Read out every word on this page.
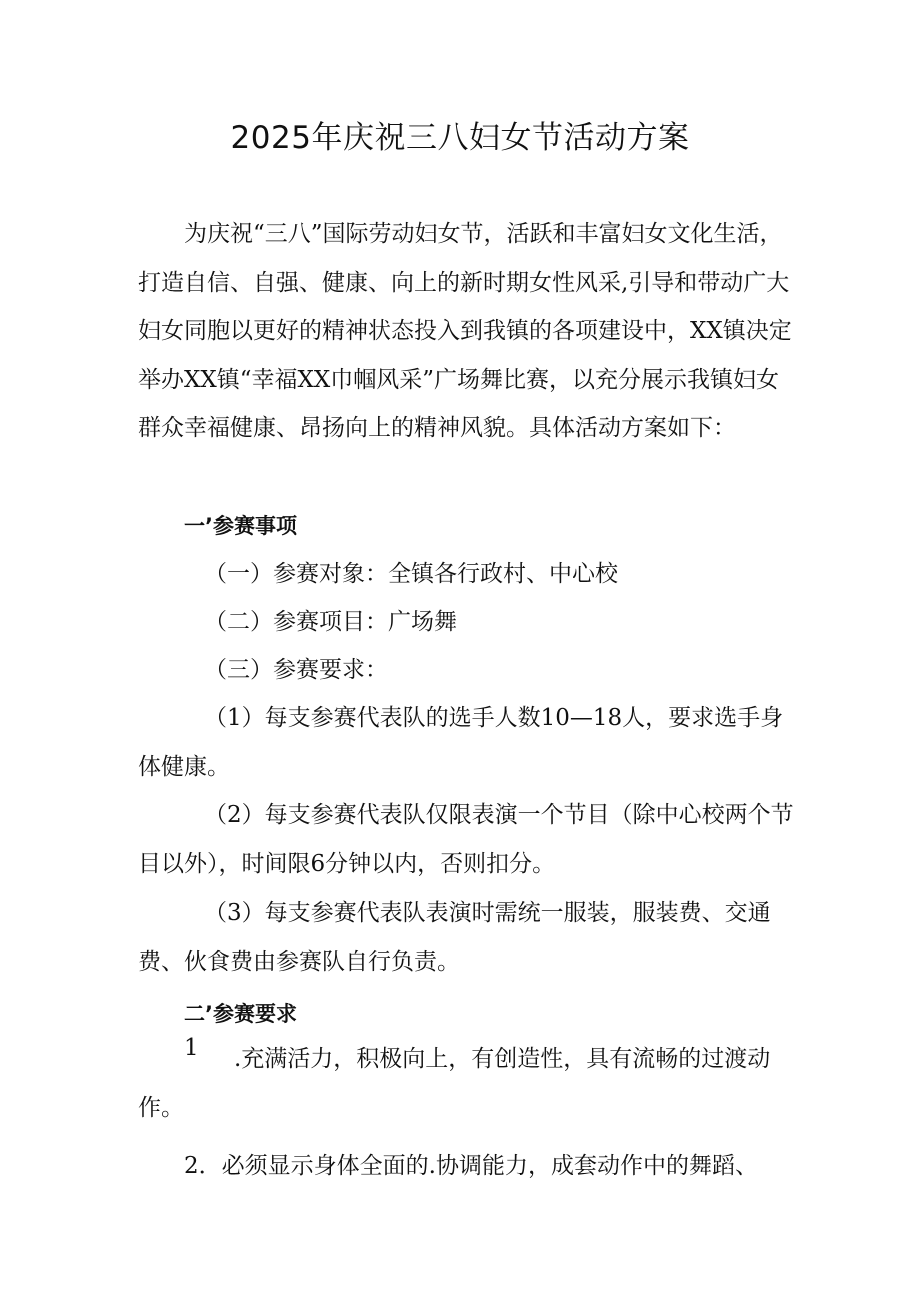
2025年庆祝三八妇女节活动方案
为庆祝“三八”国际劳动妇女节，活跃和丰富妇女文化生活，打造自信、自强、健康、向上的新时期女性风采,引导和带动广大妇女同胞以更好的精神状态投入到我镇的各项建设中，XX镇决定举办XX镇“幸福XX巾帼风采”广场舞比赛，以充分展示我镇妇女群众幸福健康、昂扬向上的精神风貌。具体活动方案如下：
一’参赛事项
（一）参赛对象：全镇各行政村、中心校
（二）参赛项目：广场舞
（三）参赛要求：
（1）每支参赛代表队的选手人数10—18人，要求选手身体健康。
（2）每支参赛代表队仅限表演一个节目（除中心校两个节目以外），时间限6分钟以内，否则扣分。
（3）每支参赛代表队表演时需统一服装，服装费、交通费、伙食费由参赛队自行负责。
二’参赛要求
1	.充满活力，积极向上，有创造性，具有流畅的过渡动作。
2．必须显示身体全面的.协调能力，成套动作中的舞蹈、
